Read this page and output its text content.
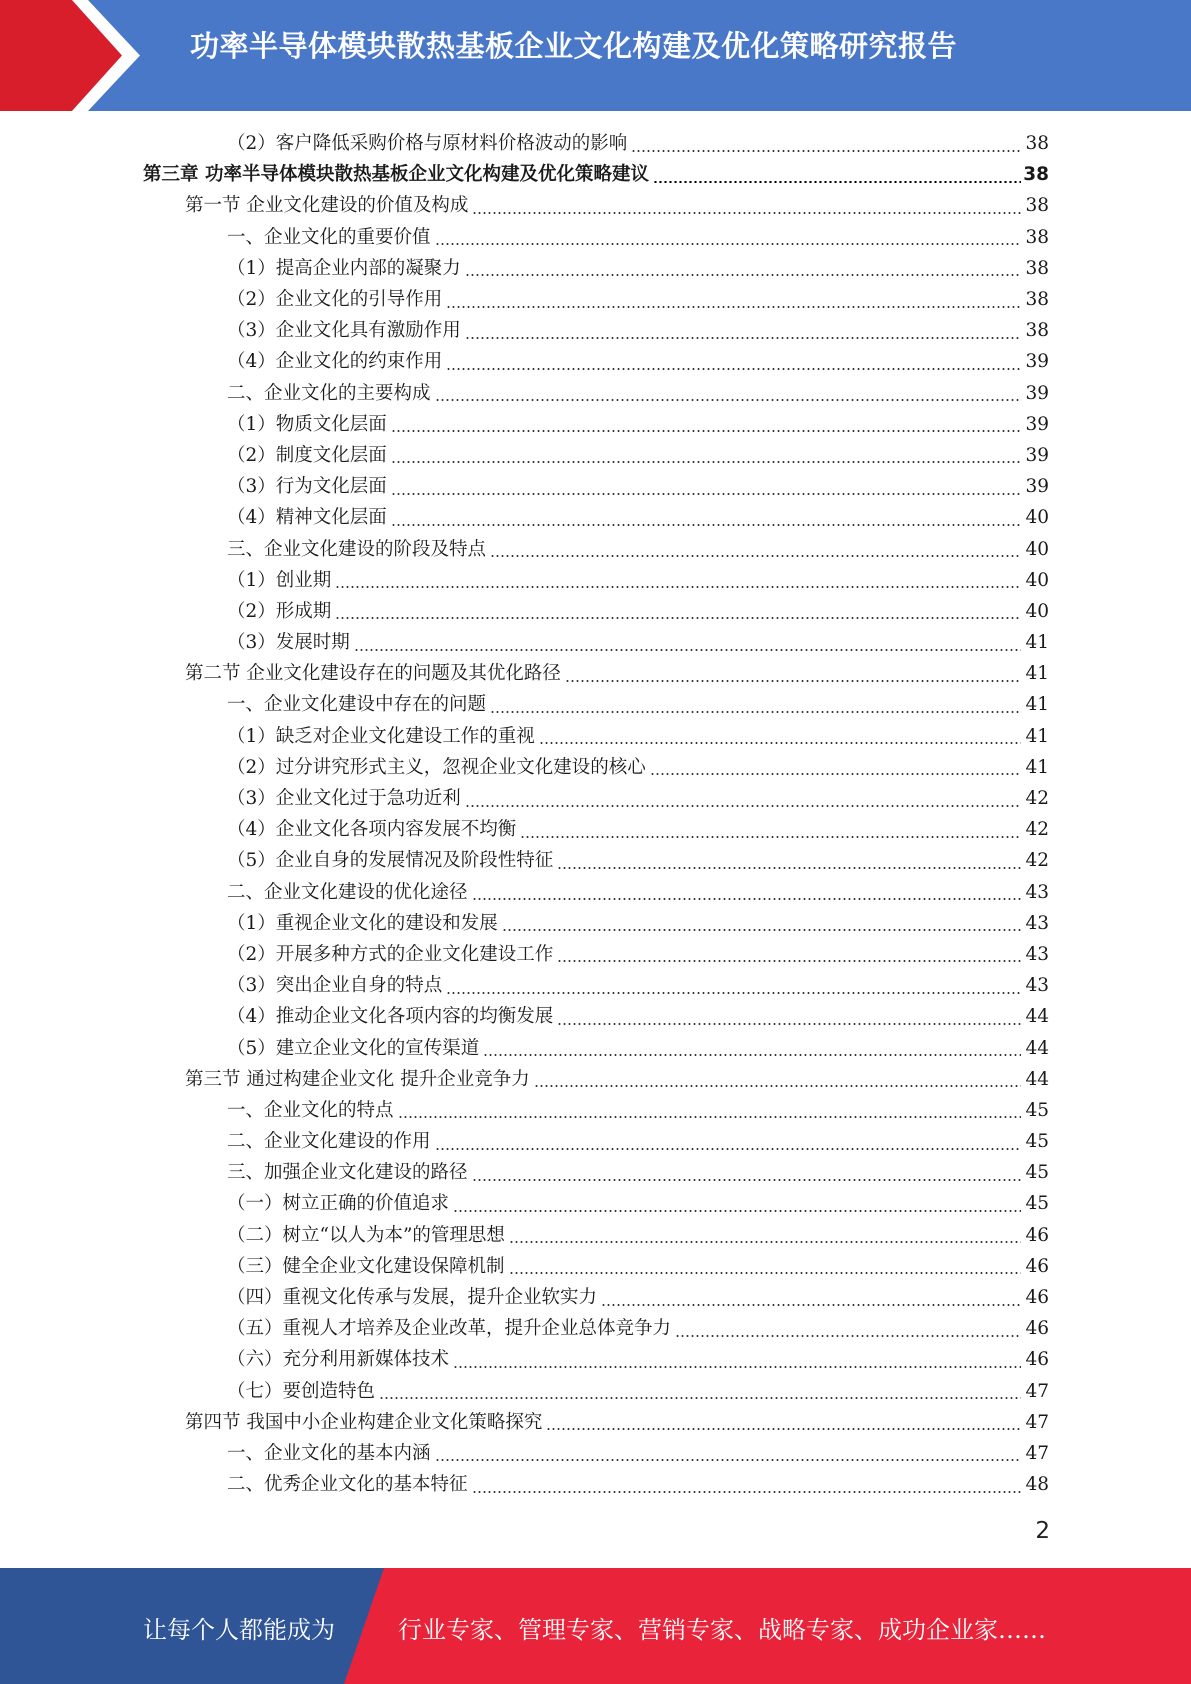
功率半导体模块散热基板企业文化构建及优化策略研究报告
（2）客户降低采购价格与原材料价格波动的影响	38
第三章 功率半导体模块散热基板企业文化构建及优化策略建议	38
第一节 企业文化建设的价值及构成	38
一、企业文化的重要价值	38
（1）提高企业内部的凝聚力	38
（2）企业文化的引导作用	38
（3）企业文化具有激励作用	38
（4）企业文化的约束作用	39
二、企业文化的主要构成	39
（1）物质文化层面	39
（2）制度文化层面	39
（3）行为文化层面	39
（4）精神文化层面	40
三、企业文化建设的阶段及特点	40
（1）创业期	40
（2）形成期	40
（3）发展时期	41
第二节 企业文化建设存在的问题及其优化路径	41
一、企业文化建设中存在的问题	41
（1）缺乏对企业文化建设工作的重视	41
（2）过分讲究形式主义，忽视企业文化建设的核心	41
（3）企业文化过于急功近利	42
（4）企业文化各项内容发展不均衡	42
（5）企业自身的发展情况及阶段性特征	42
二、企业文化建设的优化途径	43
（1）重视企业文化的建设和发展	43
（2）开展多种方式的企业文化建设工作	43
（3）突出企业自身的特点	43
（4）推动企业文化各项内容的均衡发展	44
（5）建立企业文化的宣传渠道	44
第三节 通过构建企业文化 提升企业竞争力	44
一、企业文化的特点	45
二、企业文化建设的作用	45
三、加强企业文化建设的路径	45
（一）树立正确的价值追求	45
（二）树立“以人为本”的管理思想	46
（三）健全企业文化建设保障机制	46
（四）重视文化传承与发展，提升企业软实力	46
（五）重视人才培养及企业改革，提升企业总体竞争力	46
（六）充分利用新媒体技术	46
（七）要创造特色	47
第四节 我国中小企业构建企业文化策略探究	47
一、企业文化的基本内涵	47
二、优秀企业文化的基本特征	48
2
让每个人都能成为	行业专家、管理专家、营销专家、战略专家、成功企业家……
